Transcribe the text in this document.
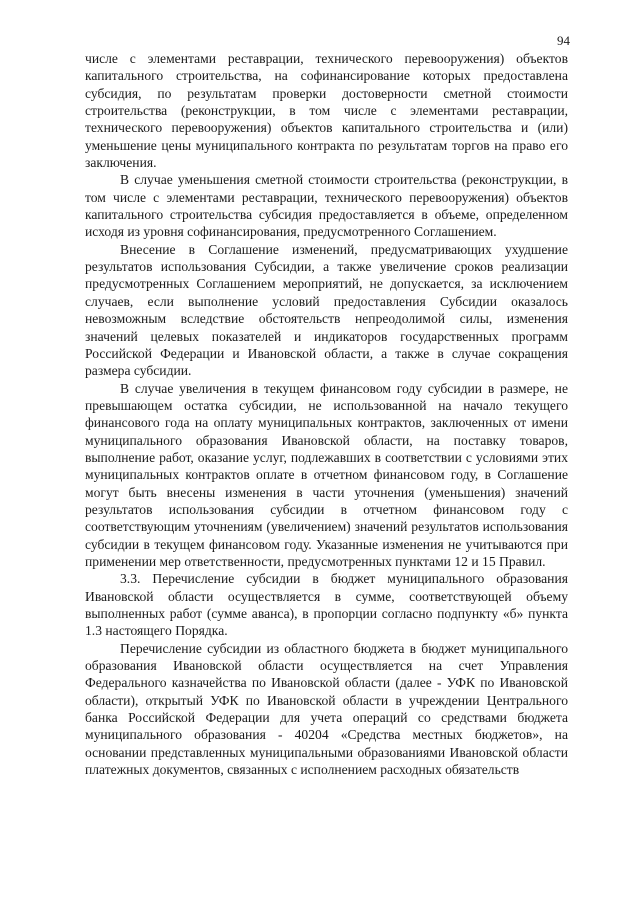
94

числе с элементами реставрации, технического перевооружения) объектов капитального строительства, на софинансирование которых предоставлена субсидия, по результатам проверки достоверности сметной стоимости строительства (реконструкции, в том числе с элементами реставрации, технического перевооружения) объектов капитального строительства и (или) уменьшение цены муниципального контракта по результатам торгов на право его заключения.

В случае уменьшения сметной стоимости строительства (реконструкции, в том числе с элементами реставрации, технического перевооружения) объектов капитального строительства субсидия предоставляется в объеме, определенном исходя из уровня софинансирования, предусмотренного Соглашением.

Внесение в Соглашение изменений, предусматривающих ухудшение результатов использования Субсидии, а также увеличение сроков реализации предусмотренных Соглашением мероприятий, не допускается, за исключением случаев, если выполнение условий предоставления Субсидии оказалось невозможным вследствие обстоятельств непреодолимой силы, изменения значений целевых показателей и индикаторов государственных программ Российской Федерации и Ивановской области, а также в случае сокращения размера субсидии.

В случае увеличения в текущем финансовом году субсидии в размере, не превышающем остатка субсидии, не использованной на начало текущего финансового года на оплату муниципальных контрактов, заключенных от имени муниципального образования Ивановской области, на поставку товаров, выполнение работ, оказание услуг, подлежавших в соответствии с условиями этих муниципальных контрактов оплате в отчетном финансовом году, в Соглашение могут быть внесены изменения в части уточнения (уменьшения) значений результатов использования субсидии в отчетном финансовом году с соответствующим уточнениям (увеличением) значений результатов использования субсидии в текущем финансовом году. Указанные изменения не учитываются при применении мер ответственности, предусмотренных пунктами 12 и 15 Правил.

3.3. Перечисление субсидии в бюджет муниципального образования Ивановской области осуществляется в сумме, соответствующей объему выполненных работ (сумме аванса), в пропорции согласно подпункту «б» пункта 1.3 настоящего Порядка.

Перечисление субсидии из областного бюджета в бюджет муниципального образования Ивановской области осуществляется на счет Управления Федерального казначейства по Ивановской области (далее - УФК по Ивановской области), открытый УФК по Ивановской области в учреждении Центрального банка Российской Федерации для учета операций со средствами бюджета муниципального образования - 40204 «Средства местных бюджетов», на основании представленных муниципальными образованиями Ивановской области платежных документов, связанных с исполнением расходных обязательств
